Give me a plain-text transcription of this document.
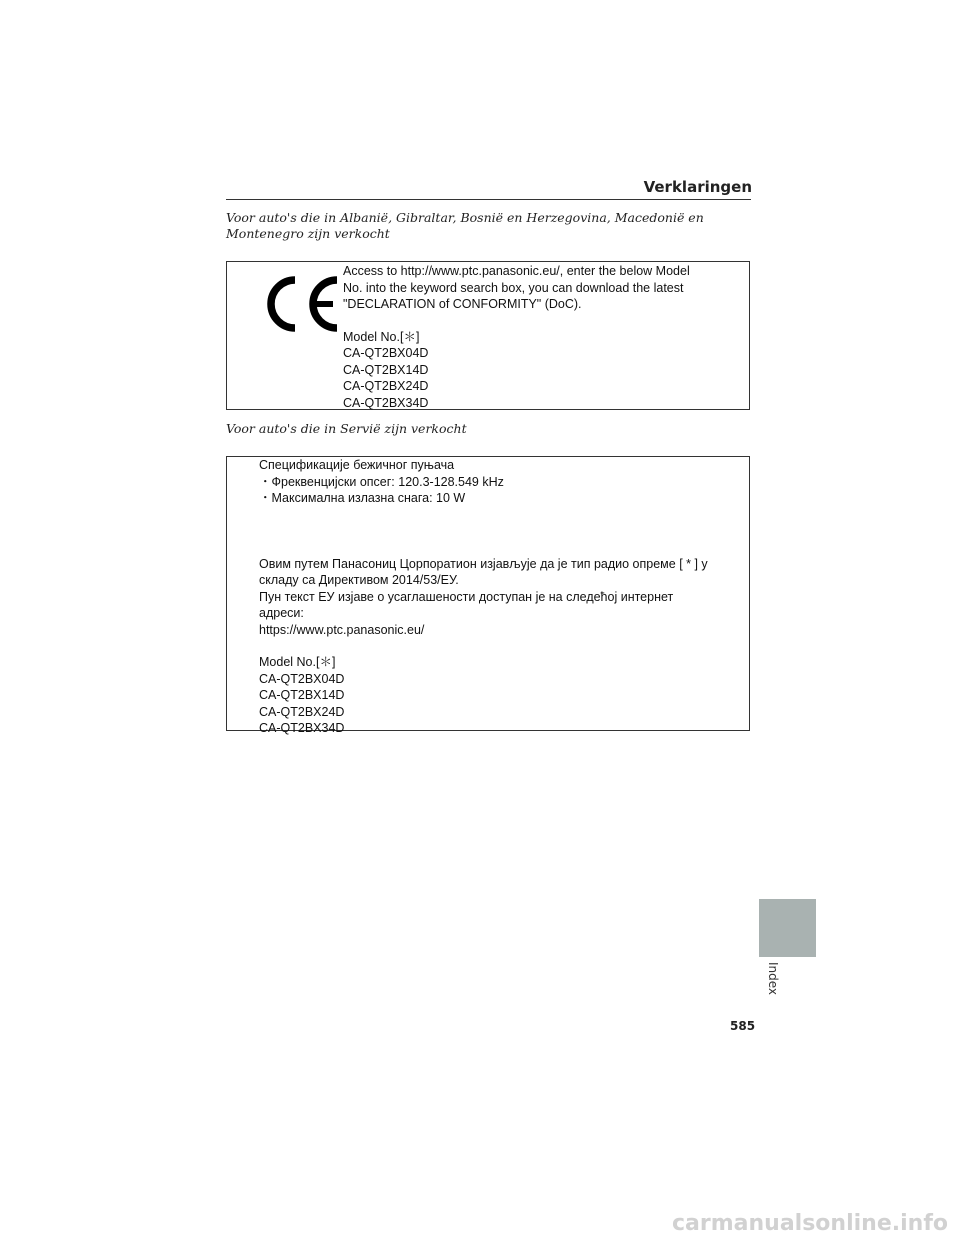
Verklaringen
Voor auto's die in Albanië, Gibraltar, Bosnië en Herzegovina, Macedonië en Montenegro zijn verkocht
Access to http://www.ptc.panasonic.eu/, enter the below Model
No. into the keyword search box, you can download the latest
"DECLARATION of CONFORMITY" (DoC).
Model No.[＊]
CA-QT2BX04D
CA-QT2BX14D
CA-QT2BX24D
CA-QT2BX34D
Voor auto's die in Servië zijn verkocht
Спецификације бежичног пуњача
・Фреквенцијски опсег: 120.3-128.549 kHz
・Максимална излазна снага: 10 W
Овим путем Панасониц Цорпоратион изјављује да је тип радио опреме [ * ] у
складу са Директивом 2014/53/ЕУ.
Пун текст ЕУ изјаве о усаглашености доступан је на следећој интернет
адреси:
https://www.ptc.panasonic.eu/
Model No.[＊]
CA-QT2BX04D
CA-QT2BX14D
CA-QT2BX24D
CA-QT2BX34D
Index
585
carmanualsonline.info
